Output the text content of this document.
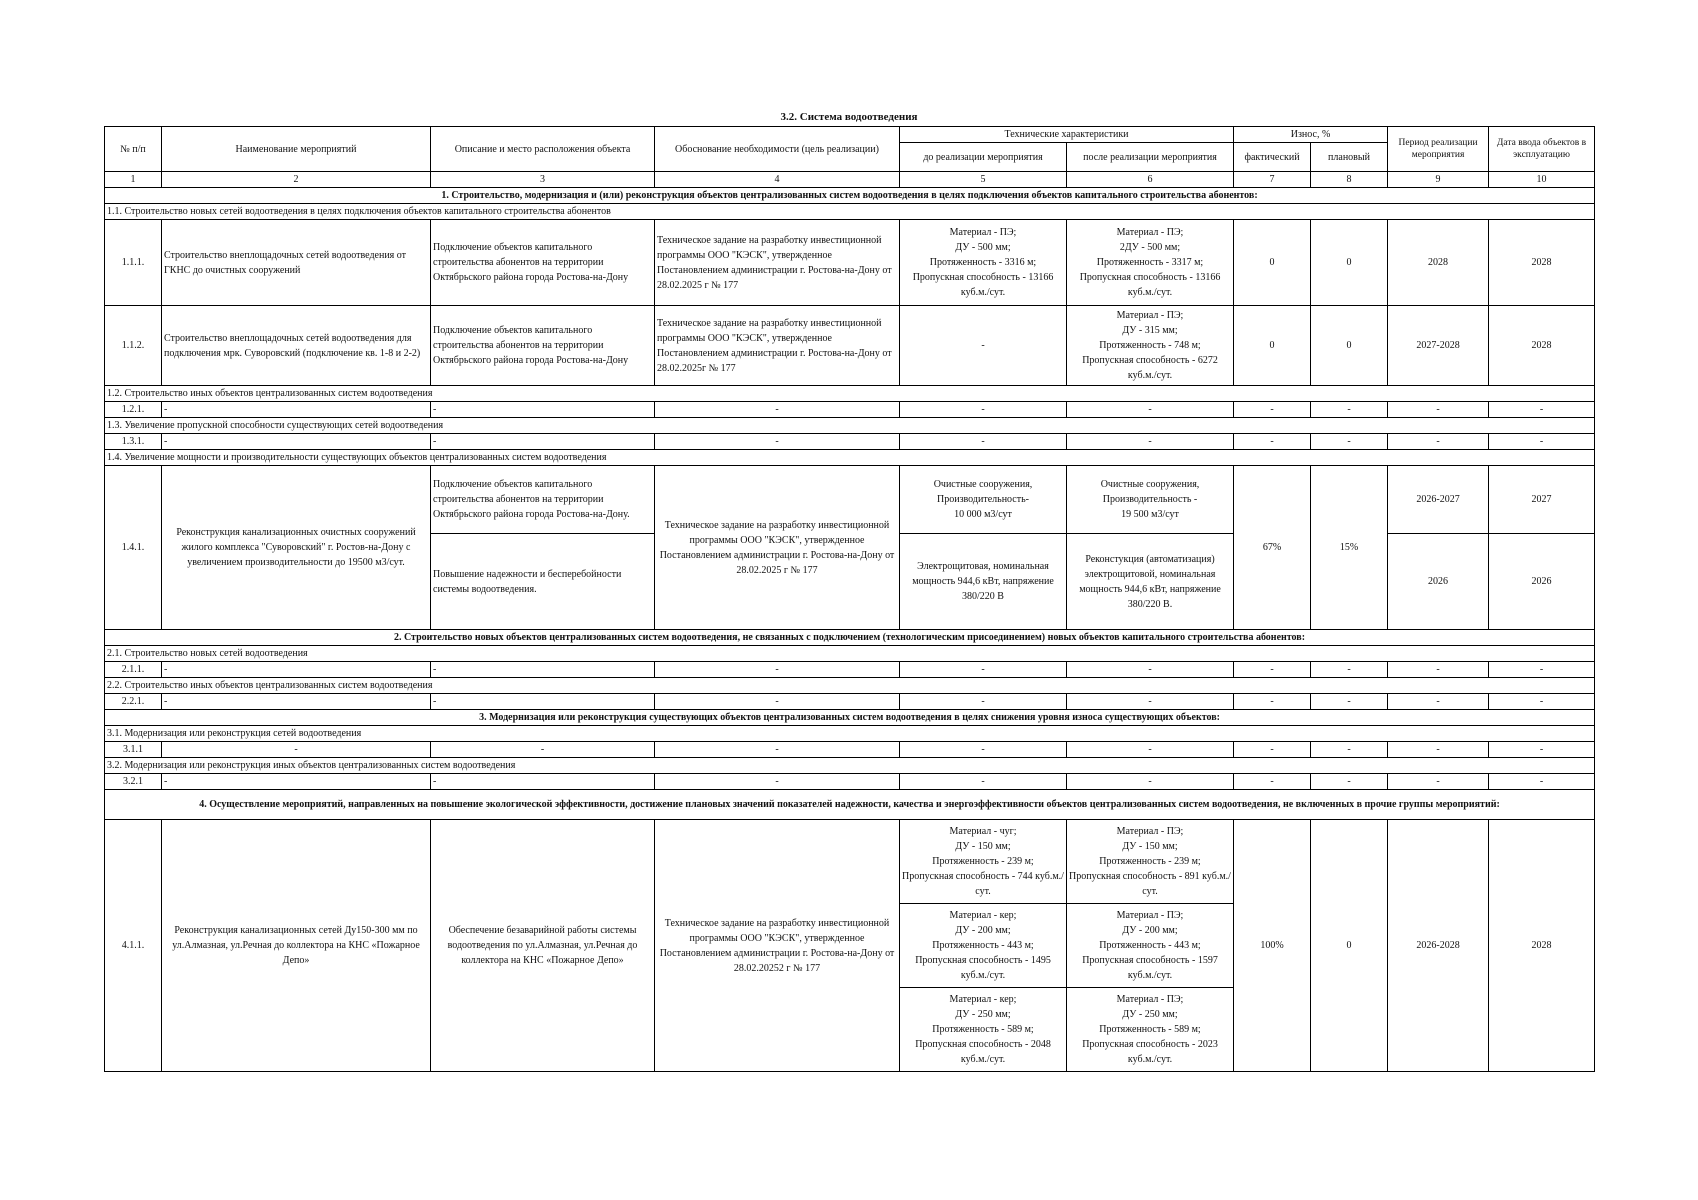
3.2. Система водоотведения
№ п/п	Наименование мероприятий	Описание и место расположения объекта	Обоснование необходимости (цель реализации)	Технические характеристики		Износ, %		Период реализации мероприятия	Дата ввода объектов в эксплуатацию
				до реализации мероприятия	после реализации мероприятия	фактический	плановый		
1	2	3	4	5	6	7	8	9	10
1. Строительство, модернизация и (или) реконструкция объектов централизованных систем водоотведения в целях подключения объектов капитального строительства абонентов:									
1.1. Строительство новых сетей водоотведения в целях подключения объектов капитального строительства абонентов									
1.1.1.	Строительство внеплощадочных сетей водоотведения от ГКНС до очистных сооружений	Подключение объектов капитального строительства абонентов на территории Октябрьского района города Ростова-на-Дону	Техническое задание на разработку инвестиционной программы ООО "КЭСК", утвержденное Постановлением администрации г. Ростова-на-Дону от 28.02.2025 г № 177	Материал - ПЭ;
ДУ - 500 мм;
Протяженность - 3316 м;
Пропускная способность - 13166 куб.м./сут.	Материал - ПЭ;
2ДУ - 500 мм;
Протяженность - 3317 м;
Пропускная способность - 13166 куб.м./сут.	0	0	2028	2028
1.1.2.	Строительство внеплощадочных сетей водоотведения для подключения мрк. Суворовский (подключение кв. 1-8 и 2-2)	Подключение объектов капитального строительства абонентов на территории Октябрьского района города Ростова-на-Дону	Техническое задание на разработку инвестиционной программы ООО "КЭСК", утвержденное Постановлением администрации г. Ростова-на-Дону от 28.02.2025г № 177	-	Материал - ПЭ;
ДУ - 315 мм;
Протяженность - 748 м;
Пропускная способность - 6272 куб.м./сут.	0	0	2027-2028	2028
1.2. Строительство иных объектов централизованных систем водоотведения									
1.2.1.	-	-	-	-	-	-	-	-	-
1.3. Увеличение пропускной способности существующих сетей водоотведения									
1.3.1.	-	-	-	-	-	-	-	-	-
1.4. Увеличение мощности и производительности существующих объектов централизованных систем водоотведения									
1.4.1.	Реконструкция канализационных очистных сооружений жилого комплекса "Суворовский" г. Ростов-на-Дону с увеличением производительности до 19500 м3/сут.	Подключение объектов капитального строительства абонентов на территории Октябрьского района города Ростова-на-Дону.	Техническое задание на разработку инвестиционной программы ООО "КЭСК", утвержденное Постановлением администрации г. Ростова-на-Дону от 28.02.2025 г № 177	Очистные сооружения,
Производительность-
10 000 м3/сут	Очистные сооружения,
Производительность -
19 500 м3/сут	67%	15%	2026-2027	2027
		Повышение надежности и бесперебойности системы водоотведения.		Электрощитовая, номинальная мощность 944,6 кВт, напряжение 380/220 В	Реконстукция (автоматизация) электрощитовой, номинальная мощность 944,6 кВт, напряжение 380/220 В.			2026	2026
2. Строительство новых объектов централизованных систем водоотведения, не связанных с подключением (технологическим присоединением) новых объектов капитального строительства абонентов:									
2.1. Строительство новых сетей водоотведения									
2.1.1.	-	-	-	-	-	-	-	-	-
2.2. Строительство иных объектов централизованных систем водоотведения									
2.2.1.	-	-	-	-	-	-	-	-	-
3. Модернизация или реконструкция существующих объектов централизованных систем водоотведения в целях снижения уровня износа существующих объектов:									
3.1. Модернизация или реконструкция сетей водоотведения									
3.1.1	-	-	-	-	-	-	-	-	-
3.2. Модернизация или реконструкция иных объектов централизованных систем водоотведения									
3.2.1	-	-	-	-	-	-	-	-	-
4. Осуществление мероприятий, направленных на повышение экологической эффективности, достижение плановых значений показателей надежности, качества и энергоэффективности объектов централизованных систем водоотведения, не включенных в прочие группы мероприятий:									
4.1.1.	Реконструкция канализационных сетей Ду150-300 мм по ул.Алмазная, ул.Речная до коллектора на КНС «Пожарное Депо»	Обеспечение безаварийной работы системы водоотведения по ул.Алмазная, ул.Речная до коллектора на КНС «Пожарное Депо»	Техническое задание на разработку инвестиционной программы ООО "КЭСК", утвержденное Постановлением администрации г. Ростова-на-Дону от 28.02.20252 г № 177	Материал - чуг;
ДУ - 150 мм;
Протяженность - 239 м;
Пропускная способность - 744 куб.м./сут.	Материал - ПЭ;
ДУ - 150 мм;
Протяженность - 239 м;
Пропускная способность - 891 куб.м./сут.	100%	0	2026-2028	2028
				Материал - кер;
ДУ - 200 мм;
Протяженность - 443 м;
Пропускная способность - 1495 куб.м./сут.	Материал - ПЭ;
ДУ - 200 мм;
Протяженность - 443 м;
Пропускная способность - 1597 куб.м./сут.				
				Материал - кер;
ДУ - 250 мм;
Протяженность - 589 м;
Пропускная способность - 2048 куб.м./сут.	Материал - ПЭ;
ДУ - 250 мм;
Протяженность - 589 м;
Пропускная способность - 2023 куб.м./сут.				
